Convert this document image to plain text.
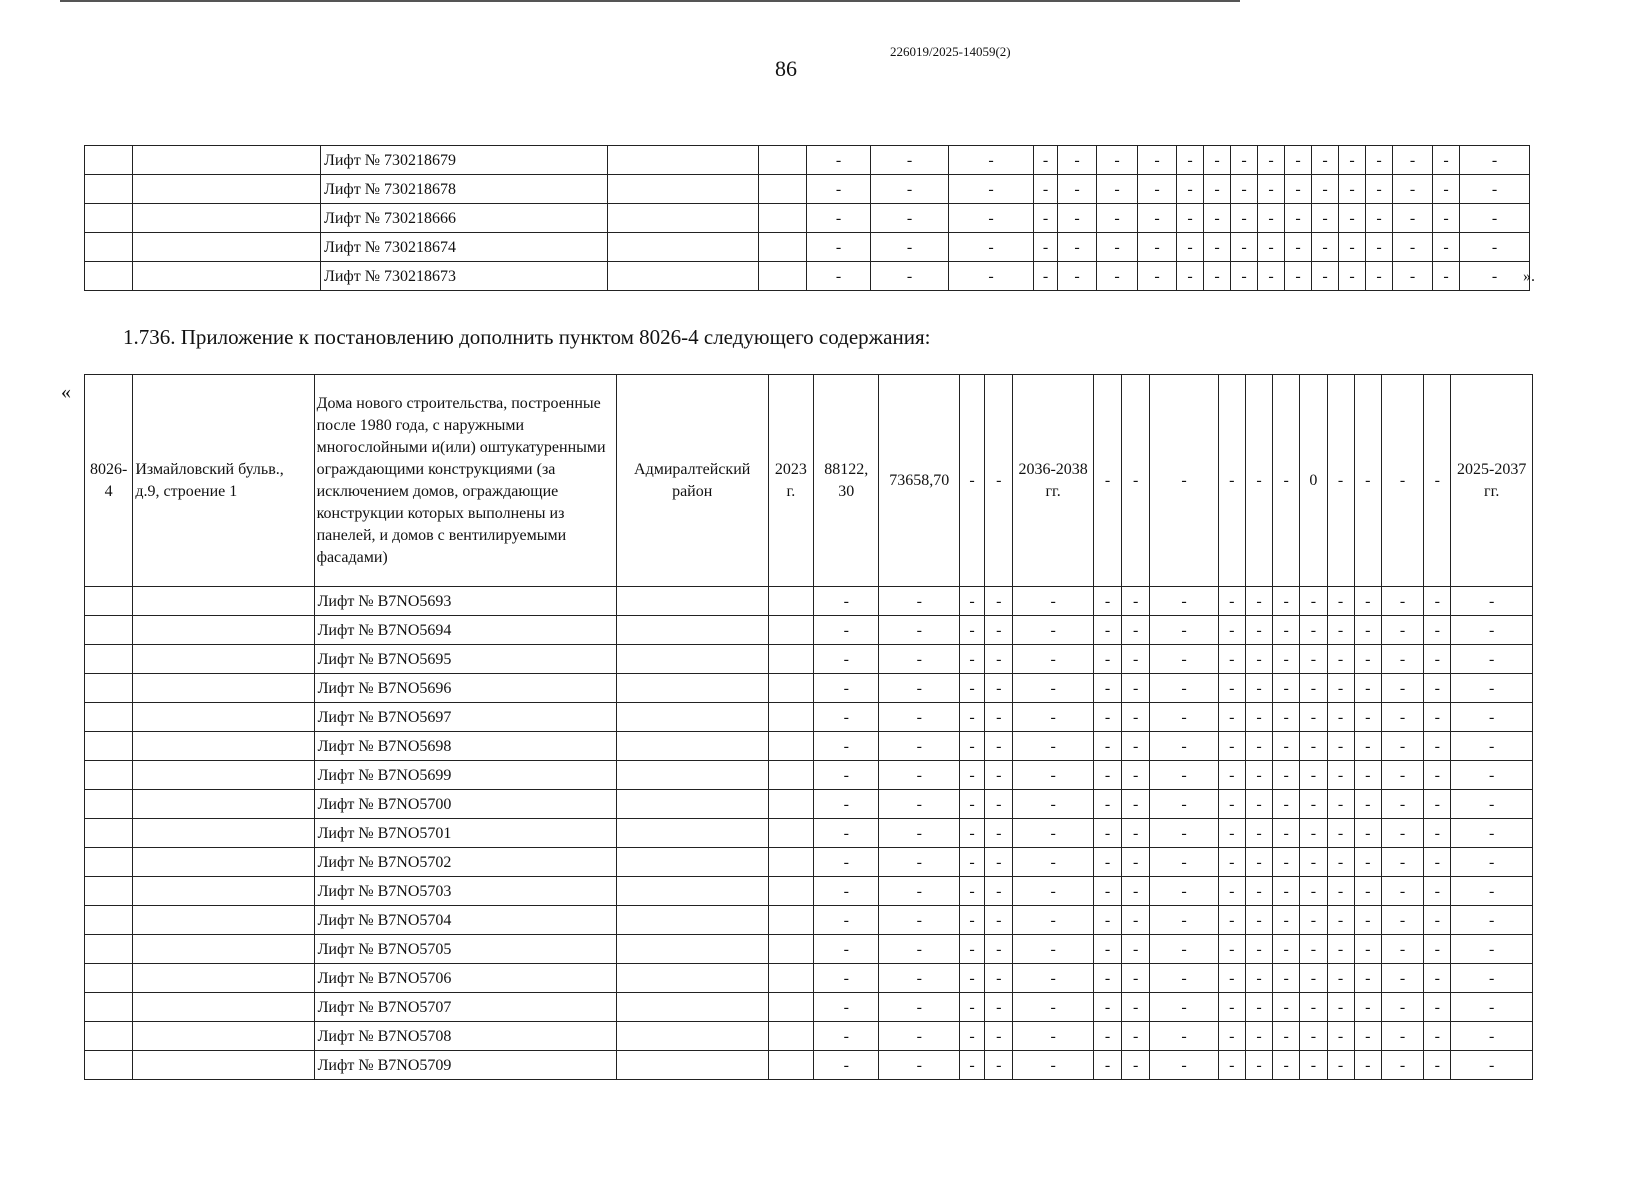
86
226019/2025-14059(2)
		Лифт № 730218679			-	-	-	-	-	-	-	-	-	-	-	-	-	-	-	-	-	-
		Лифт № 730218678			-	-	-	-	-	-	-	-	-	-	-	-	-	-	-	-	-	-
		Лифт № 730218666			-	-	-	-	-	-	-	-	-	-	-	-	-	-	-	-	-	-
		Лифт № 730218674			-	-	-	-	-	-	-	-	-	-	-	-	-	-	-	-	-	-
		Лифт № 730218673			-	-	-	-	-	-	-	-	-	-	-	-	-	-	-	-	-	- ».
1.736. Приложение к постановлению дополнить пунктом 8026-4 следующего содержания:
«
8026-4	Измайловский бульв., д.9, строение 1	Дома нового строительства, построенные после 1980 года, с наружными многослойными и(или) оштукатуренными ограждающими конструкциями (за исключением домов, ограждающие конструкции которых выполнены из панелей, и домов с вентилируемыми фасадами)	Адмиралтейский район	2023 г.	88122, 30	73658,70	-	-	2036-2038 гг.	-	-	-	-	-	-	0	-	-	-	-	2025-2037 гг.
		Лифт № B7NO5693			-	-	-	-	-	-	-	-	-	-	-	-	-	-	-	-	-
		Лифт № B7NO5694			-	-	-	-	-	-	-	-	-	-	-	-	-	-	-	-	-
		Лифт № B7NO5695			-	-	-	-	-	-	-	-	-	-	-	-	-	-	-	-	-
		Лифт № B7NO5696			-	-	-	-	-	-	-	-	-	-	-	-	-	-	-	-	-
		Лифт № B7NO5697			-	-	-	-	-	-	-	-	-	-	-	-	-	-	-	-	-
		Лифт № B7NO5698			-	-	-	-	-	-	-	-	-	-	-	-	-	-	-	-	-
		Лифт № B7NO5699			-	-	-	-	-	-	-	-	-	-	-	-	-	-	-	-	-
		Лифт № B7NO5700			-	-	-	-	-	-	-	-	-	-	-	-	-	-	-	-	-
		Лифт № B7NO5701			-	-	-	-	-	-	-	-	-	-	-	-	-	-	-	-	-
		Лифт № B7NO5702			-	-	-	-	-	-	-	-	-	-	-	-	-	-	-	-	-
		Лифт № B7NO5703			-	-	-	-	-	-	-	-	-	-	-	-	-	-	-	-	-
		Лифт № B7NO5704			-	-	-	-	-	-	-	-	-	-	-	-	-	-	-	-	-
		Лифт № B7NO5705			-	-	-	-	-	-	-	-	-	-	-	-	-	-	-	-	-
		Лифт № B7NO5706			-	-	-	-	-	-	-	-	-	-	-	-	-	-	-	-	-
		Лифт № B7NO5707			-	-	-	-	-	-	-	-	-	-	-	-	-	-	-	-	-
		Лифт № B7NO5708			-	-	-	-	-	-	-	-	-	-	-	-	-	-	-	-	-
		Лифт № B7NO5709			-	-	-	-	-	-	-	-	-	-	-	-	-	-	-	-	-
